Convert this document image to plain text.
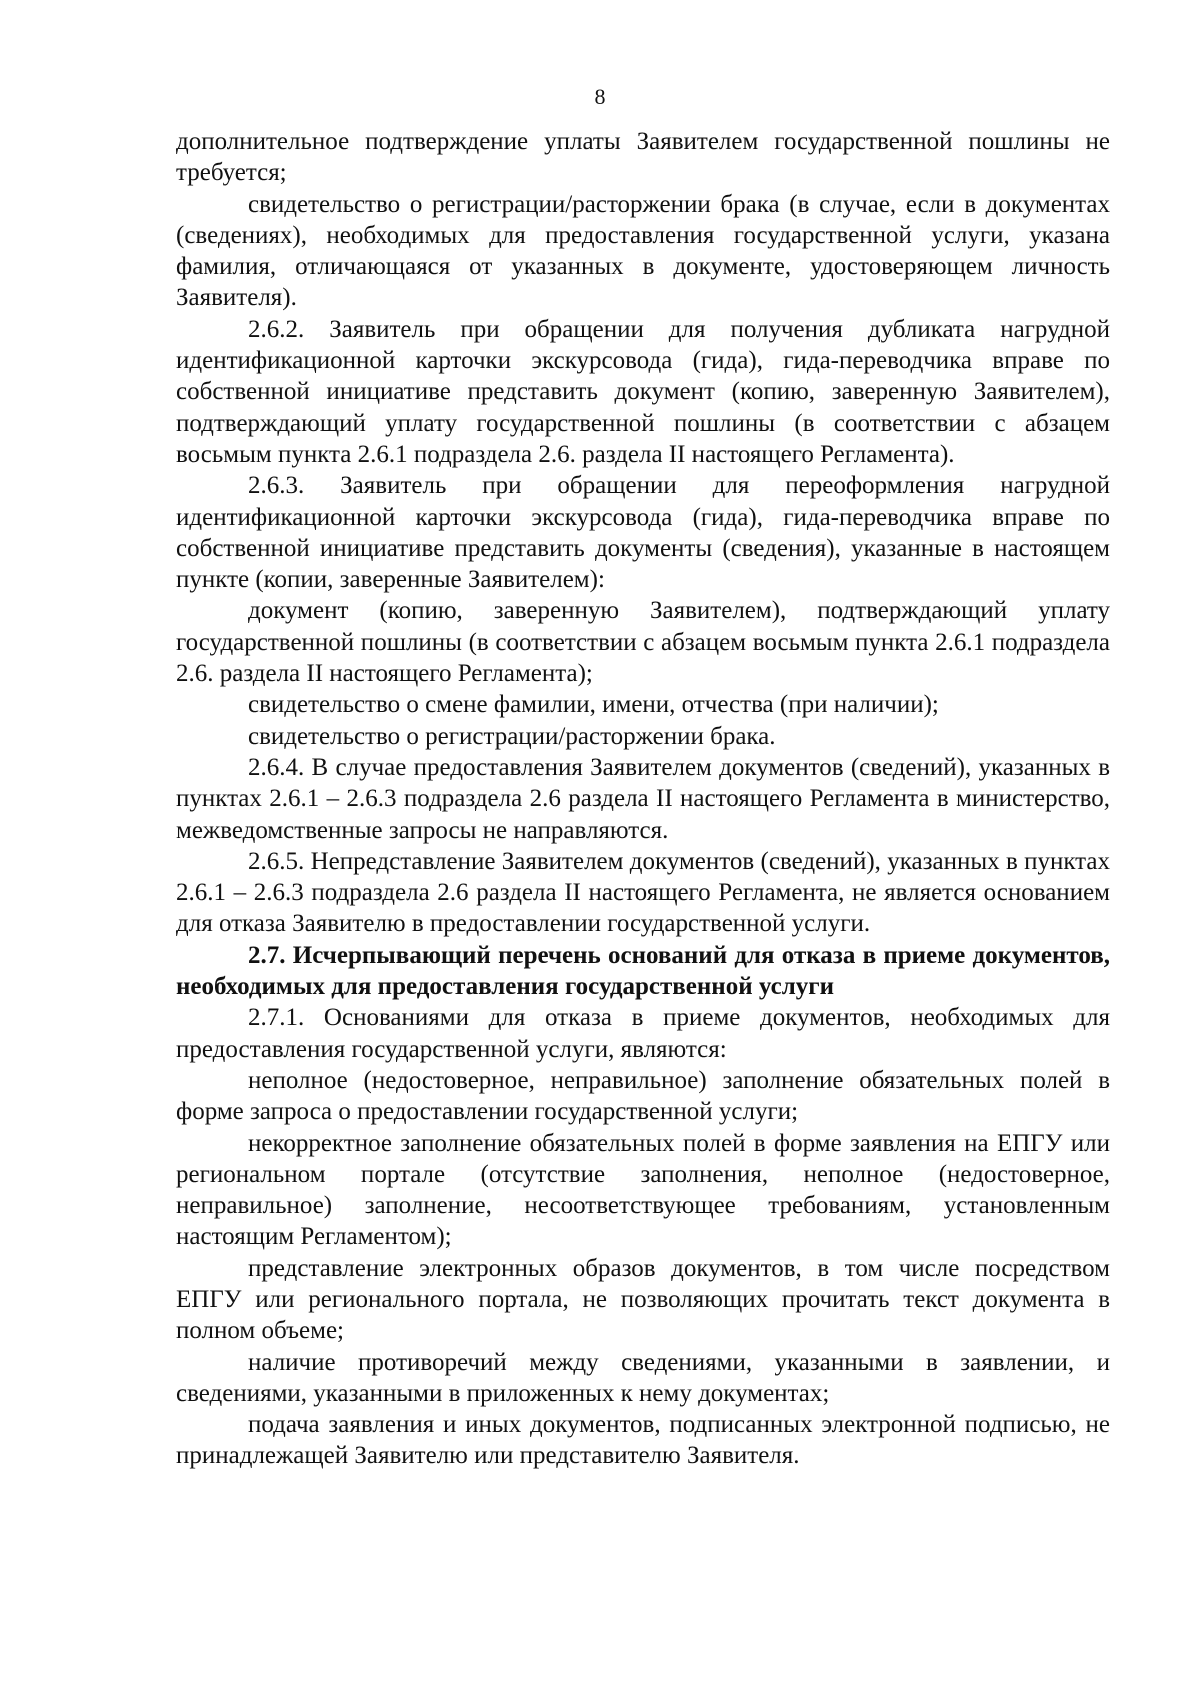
8

дополнительное подтверждение уплаты Заявителем государственной пошлины не требуется;

свидетельство о регистрации/расторжении брака (в случае, если в документах (сведениях), необходимых для предоставления государственной услуги, указана фамилия, отличающаяся от указанных в документе, удостоверяющем личность Заявителя).

2.6.2. Заявитель при обращении для получения дубликата нагрудной идентификационной карточки экскурсовода (гида), гида-переводчика вправе по собственной инициативе представить документ (копию, заверенную Заявителем), подтверждающий уплату государственной пошлины (в соответствии с абзацем восьмым пункта 2.6.1 подраздела 2.6. раздела II настоящего Регламента).

2.6.3. Заявитель при обращении для переоформления нагрудной идентификационной карточки экскурсовода (гида), гида-переводчика вправе по собственной инициативе представить документы (сведения), указанные в настоящем пункте (копии, заверенные Заявителем):

документ (копию, заверенную Заявителем), подтверждающий уплату государственной пошлины (в соответствии с абзацем восьмым пункта 2.6.1 подраздела 2.6. раздела II настоящего Регламента);

свидетельство о смене фамилии, имени, отчества (при наличии);

свидетельство о регистрации/расторжении брака.

2.6.4. В случае предоставления Заявителем документов (сведений), указанных в пунктах 2.6.1 – 2.6.3 подраздела 2.6 раздела II настоящего Регламента в министерство, межведомственные запросы не направляются.

2.6.5. Непредставление Заявителем документов (сведений), указанных в пунктах 2.6.1 – 2.6.3 подраздела 2.6 раздела II настоящего Регламента, не является основанием для отказа Заявителю в предоставлении государственной услуги.

2.7. Исчерпывающий перечень оснований для отказа в приеме документов, необходимых для предоставления государственной услуги

2.7.1. Основаниями для отказа в приеме документов, необходимых для предоставления государственной услуги, являются:

неполное (недостоверное, неправильное) заполнение обязательных полей в форме запроса о предоставлении государственной услуги;

некорректное заполнение обязательных полей в форме заявления на ЕПГУ или региональном портале (отсутствие заполнения, неполное (недостоверное, неправильное) заполнение, несоответствующее требованиям, установленным настоящим Регламентом);

представление электронных образов документов, в том числе посредством ЕПГУ или регионального портала, не позволяющих прочитать текст документа в полном объеме;

наличие противоречий между сведениями, указанными в заявлении, и сведениями, указанными в приложенных к нему документах;

подача заявления и иных документов, подписанных электронной подписью, не принадлежащей Заявителю или представителю Заявителя.
